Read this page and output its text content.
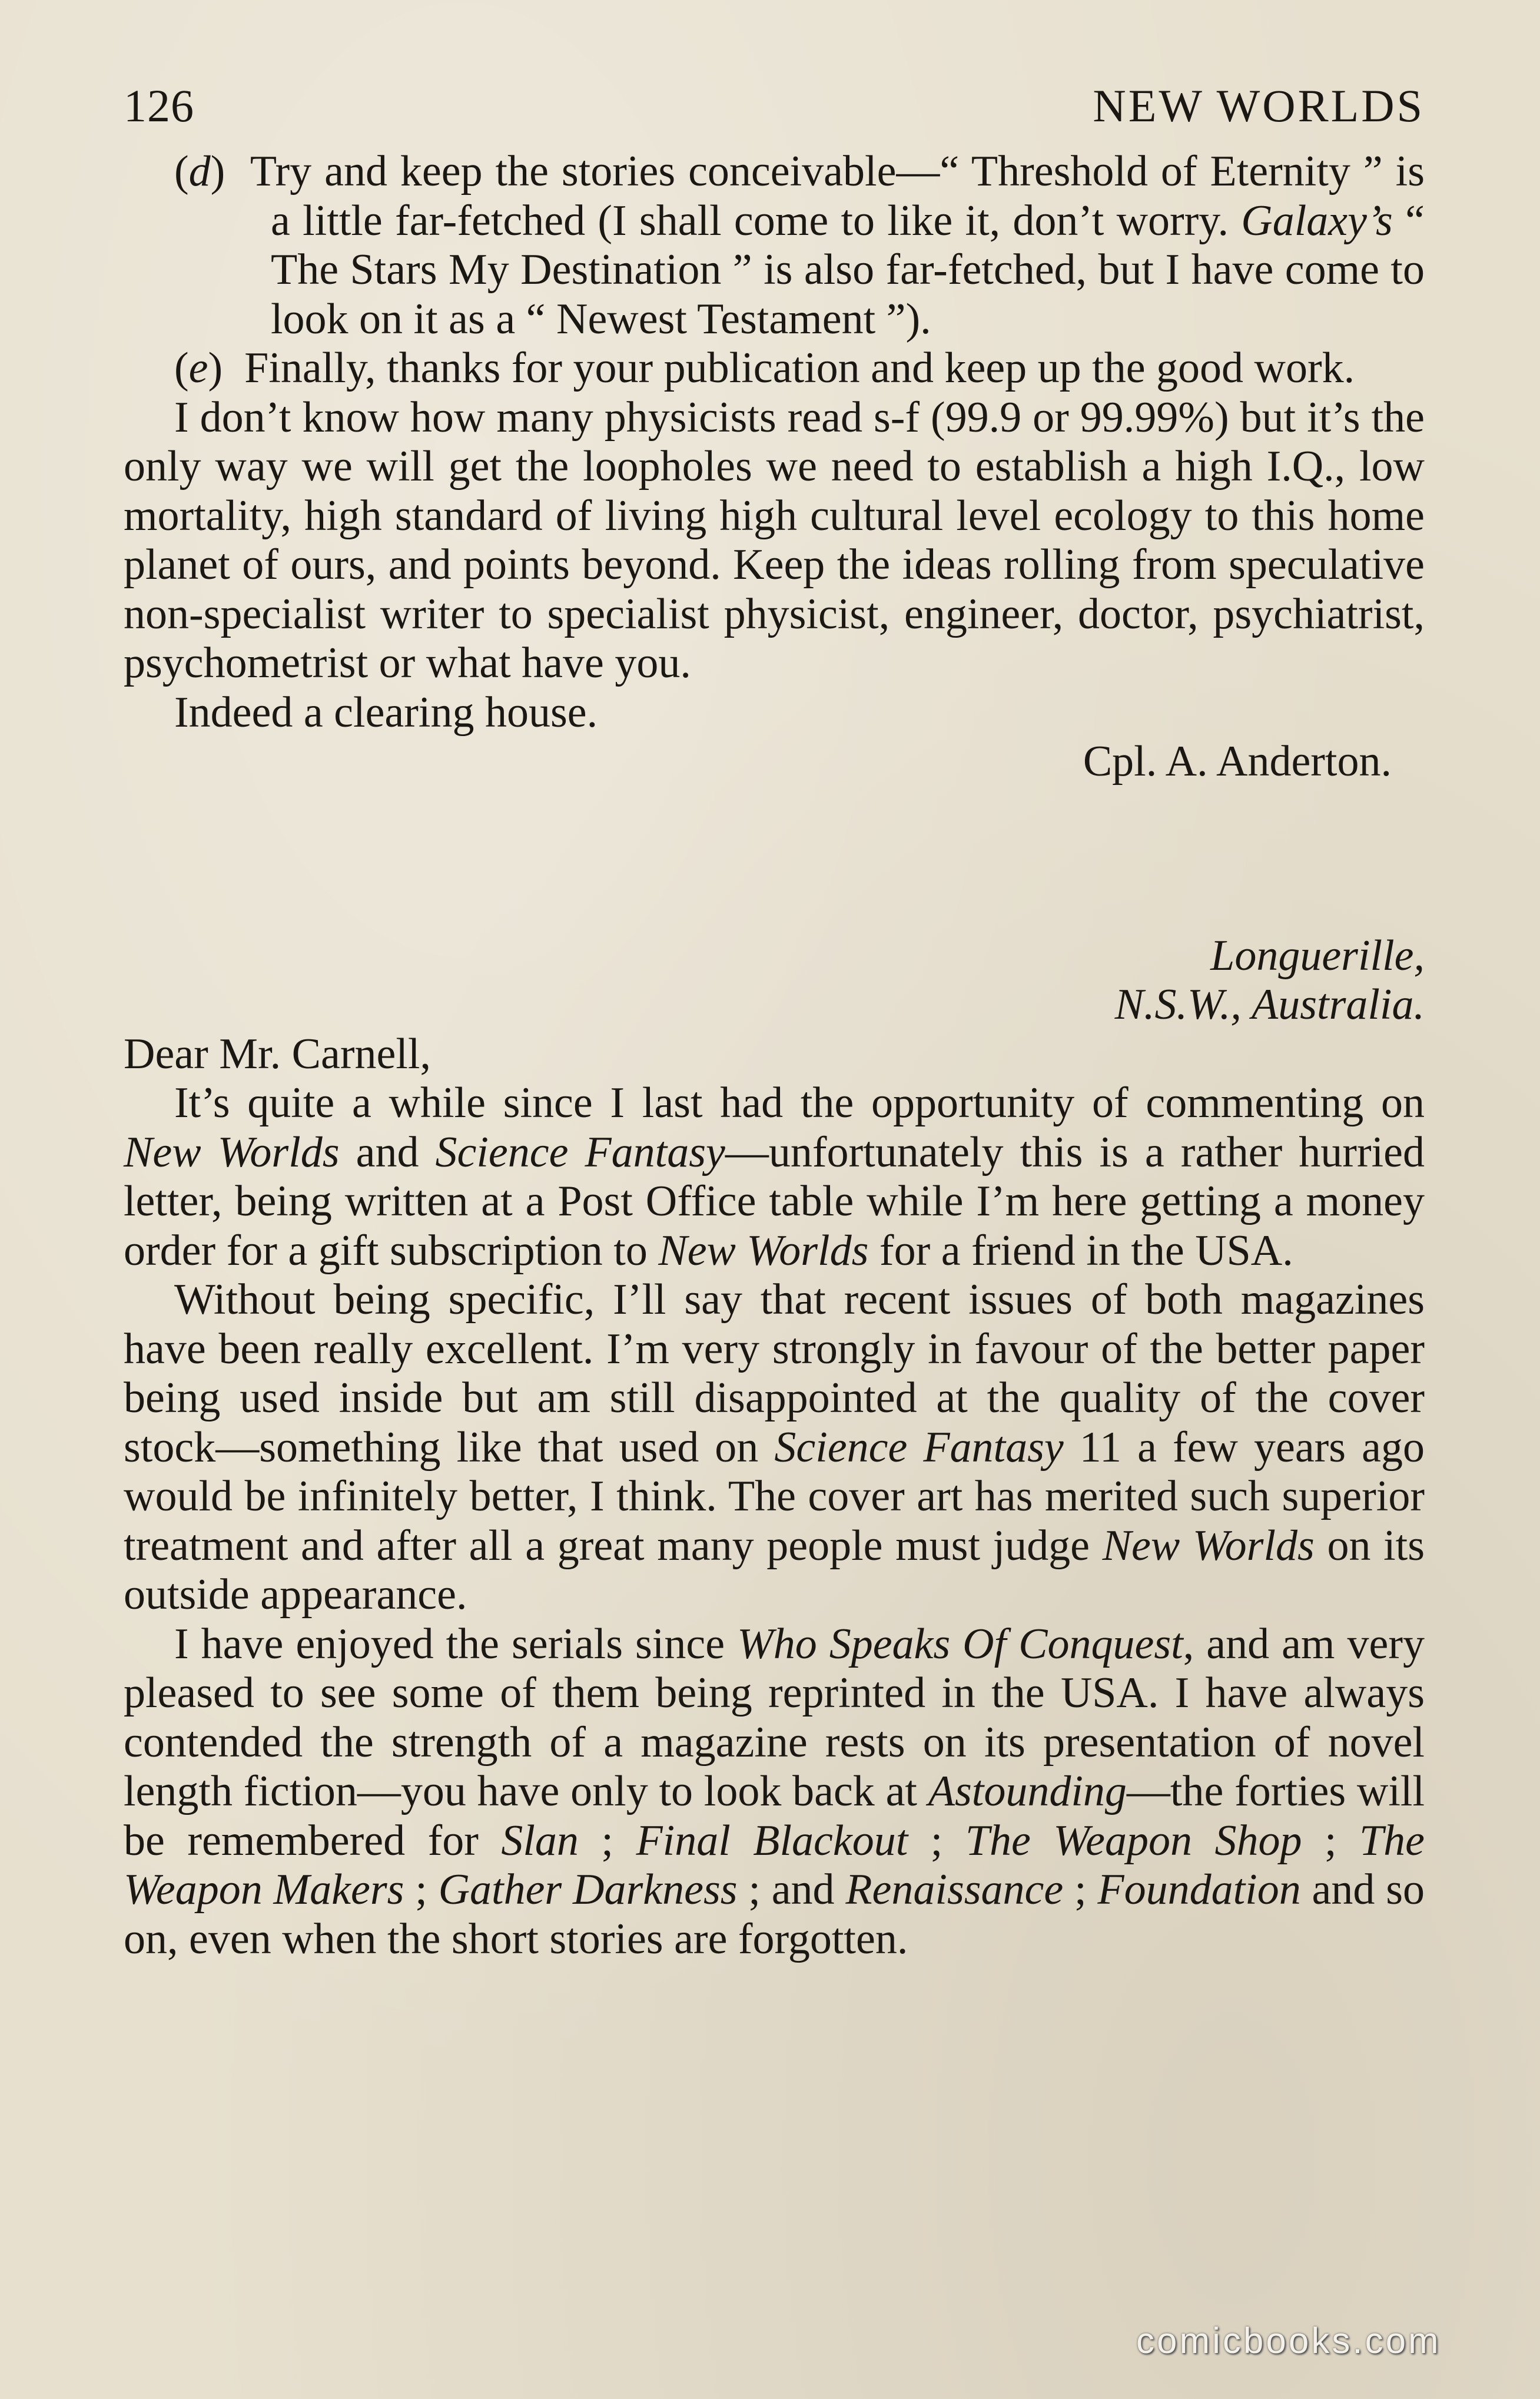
126	NEW WORLDS

(d) Try and keep the stories conceivable—“ Threshold of Eternity ” is a little far-fetched (I shall come to like it, don’t worry. Galaxy’s “ The Stars My Destination ” is also far-fetched, but I have come to look on it as a “ Newest Testament ”).

(e) Finally, thanks for your publication and keep up the good work.

I don’t know how many physicists read s-f (99.9 or 99.99%) but it’s the only way we will get the loopholes we need to establish a high I.Q., low mortality, high standard of living high cultural level ecology to this home planet of ours, and points beyond. Keep the ideas rolling from speculative non-specialist writer to specialist physicist, engineer, doctor, psychiatrist, psychometrist or what have you.

Indeed a clearing house.

Cpl. A. Anderton.

Longuerille,

N.S.W., Australia.

Dear Mr. Carnell,

It’s quite a while since I last had the opportunity of commenting on New Worlds and Science Fantasy—unfortunately this is a rather hurried letter, being written at a Post Office table while I’m here getting a money order for a gift subscription to New Worlds for a friend in the USA.

Without being specific, I’ll say that recent issues of both magazines have been really excellent. I’m very strongly in favour of the better paper being used inside but am still disappointed at the quality of the cover stock—something like that used on Science Fantasy 11 a few years ago would be infinitely better, I think. The cover art has merited such superior treatment and after all a great many people must judge New Worlds on its outside appearance.

I have enjoyed the serials since Who Speaks Of Conquest, and am very pleased to see some of them being reprinted in the USA. I have always contended the strength of a magazine rests on its presentation of novel length fiction—you have only to look back at Astounding—the forties will be remembered for Slan ; Final Blackout ; The Weapon Shop ; The Weapon Makers ; Gather Darkness ; and Renaissance ; Foundation and so on, even when the short stories are forgotten.

comicbooks.com
